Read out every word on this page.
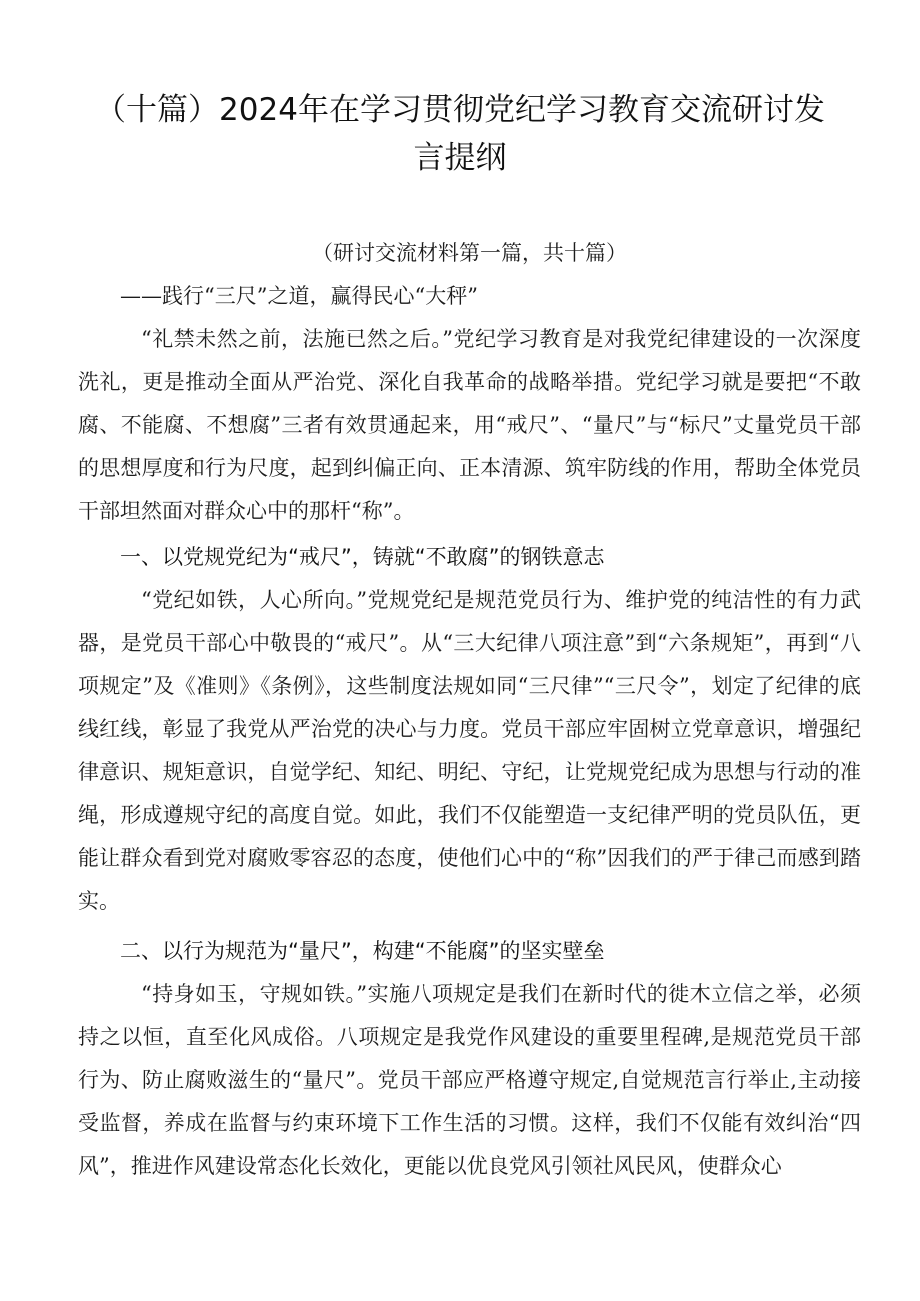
（十篇）2024年在学习贯彻党纪学习教育交流研讨发言提纲

（研讨交流材料第一篇，共十篇）

——践行“三尺”之道，赢得民心“大秤”

“礼禁未然之前，法施已然之后。”党纪学习教育是对我党纪律建设的一次深度洗礼，更是推动全面从严治党、深化自我革命的战略举措。党纪学习就是要把“不敢腐、不能腐、不想腐”三者有效贯通起来，用“戒尺”、“量尺”与“标尺”丈量党员干部的思想厚度和行为尺度，起到纠偏正向、正本清源、筑牢防线的作用，帮助全体党员干部坦然面对群众心中的那杆“称”。

一、以党规党纪为“戒尺”，铸就“不敢腐”的钢铁意志

“党纪如铁，人心所向。”党规党纪是规范党员行为、维护党的纯洁性的有力武器，是党员干部心中敬畏的“戒尺”。从“三大纪律八项注意”到“六条规矩”，再到“八项规定”及《准则》《条例》，这些制度法规如同“三尺律”“三尺令”，划定了纪律的底线红线，彰显了我党从严治党的决心与力度。党员干部应牢固树立党章意识，增强纪律意识、规矩意识，自觉学纪、知纪、明纪、守纪，让党规党纪成为思想与行动的准绳，形成遵规守纪的高度自觉。如此，我们不仅能塑造一支纪律严明的党员队伍，更能让群众看到党对腐败零容忍的态度，使他们心中的“称”因我们的严于律己而感到踏实。

二、以行为规范为“量尺”，构建“不能腐”的坚实壁垒

“持身如玉，守规如铁。”实施八项规定是我们在新时代的徙木立信之举，必须持之以恒，直至化风成俗。八项规定是我党作风建设的重要里程碑,是规范党员干部行为、防止腐败滋生的“量尺”。党员干部应严格遵守规定,自觉规范言行举止,主动接受监督，养成在监督与约束环境下工作生活的习惯。这样，我们不仅能有效纠治“四风”，推进作风建设常态化长效化，更能以优良党风引领社风民风，使群众心
